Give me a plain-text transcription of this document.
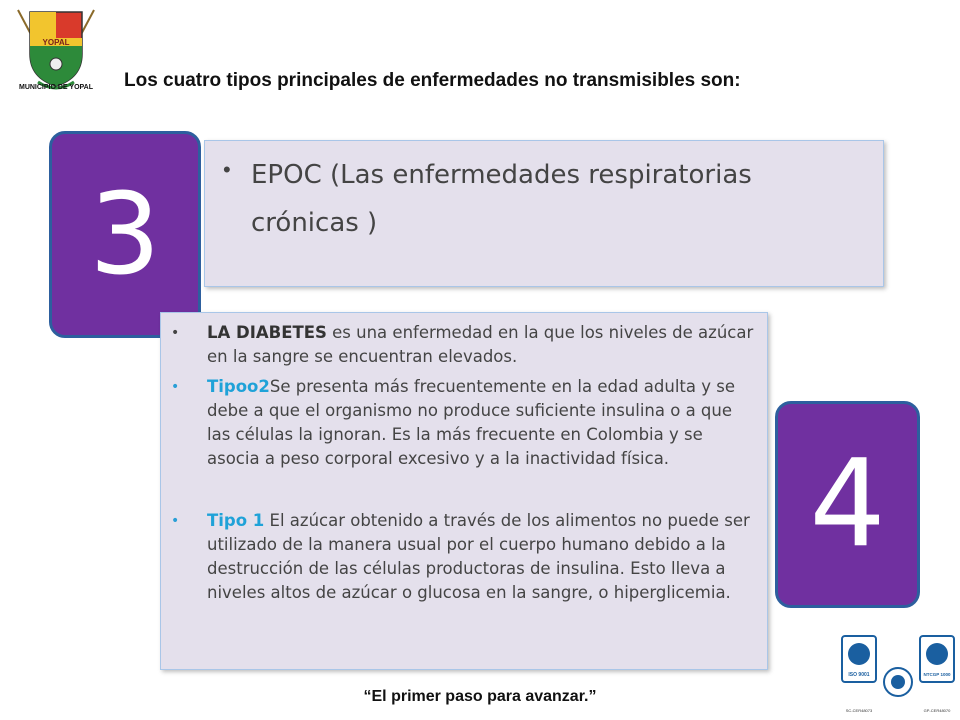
YOPAL
MUNICIPIO DE YOPAL	Los cuatro tipos principales de enfermedades no transmisibles son:
• EPOC (Las enfermedades respiratorias crónicas )
3
• LA DIABETES es una enfermedad en la que los niveles de azúcar en la sangre se encuentran elevados.
• Tipoo2Se presenta más frecuentemente en la edad adulta y se debe a que el organismo no produce suficiente insulina o a que las células la ignoran. Es la más frecuente en Colombia y se asocia a peso corporal excesivo y a la inactividad física.
• Tipo 1 El azúcar obtenido a través de los alimentos no puede ser utilizado de la manera usual por el cuerpo humano debido a la destrucción de las células productoras de insulina. Esto lleva a niveles altos de azúcar o glucosa en la sangre, o hiperglicemia.
4
“El primer paso para avanzar.”
ISO 9001
SC-CER48073
NTCGP 1000
GP-CER48070
